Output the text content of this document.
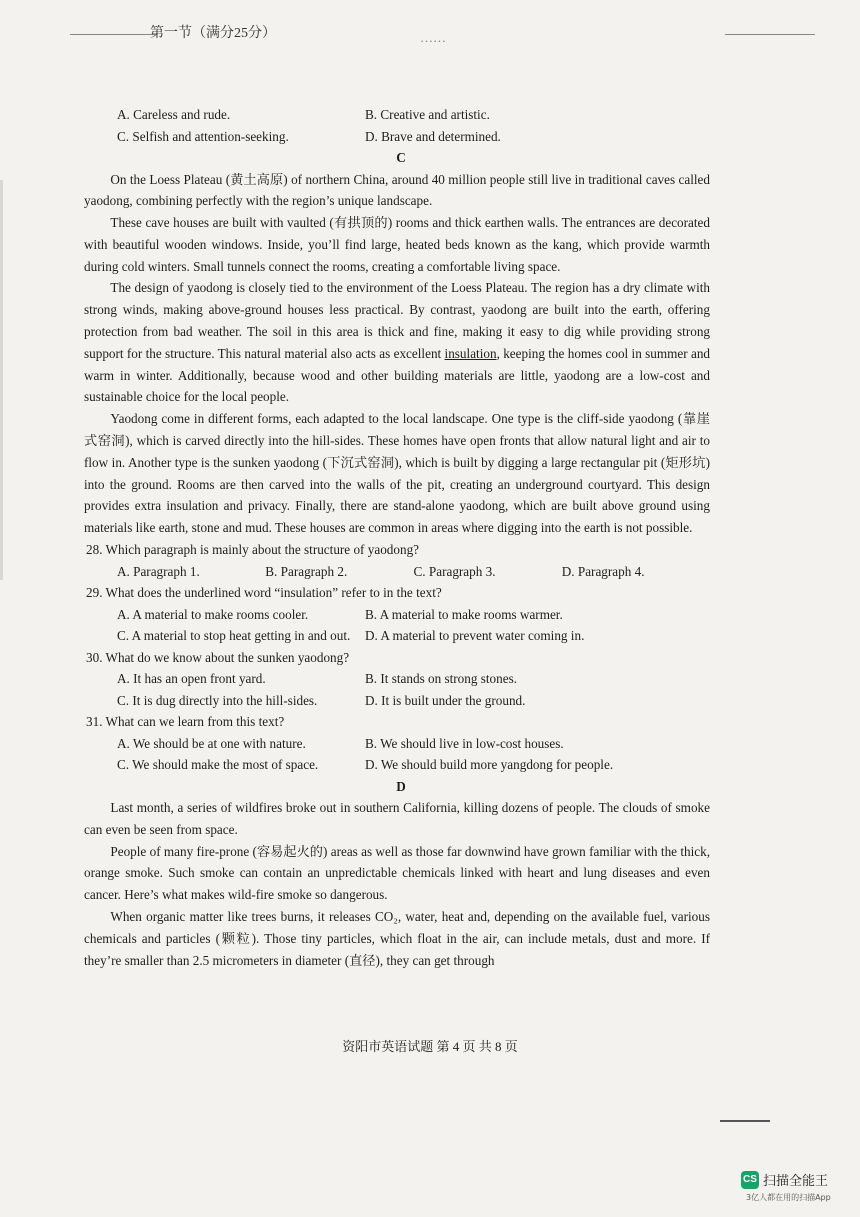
第一节（满分25分）	……
A. Careless and rude.	B. Creative and artistic.
C. Selfish and attention-seeking.	D. Brave and determined.
C

On the Loess Plateau (黄土高原) of northern China, around 40 million people still live in traditional caves called yaodong, combining perfectly with the region’s unique landscape.

These cave houses are built with vaulted (有拱顶的) rooms and thick earthen walls. The entrances are decorated with beautiful wooden windows. Inside, you’ll find large, heated beds known as the kang, which provide warmth during cold winters. Small tunnels connect the rooms, creating a comfortable living space.

The design of yaodong is closely tied to the environment of the Loess Plateau. The region has a dry climate with strong winds, making above-ground houses less practical. By contrast, yaodong are built into the earth, offering protection from bad weather. The soil in this area is thick and fine, making it easy to dig while providing strong support for the structure. This natural material also acts as excellent insulation, keeping the homes cool in summer and warm in winter. Additionally, because wood and other building materials are little, yaodong are a low-cost and sustainable choice for the local people.

Yaodong come in different forms, each adapted to the local landscape. One type is the cliff-side yaodong (靠崖式窑洞), which is carved directly into the hill-sides. These homes have open fronts that allow natural light and air to flow in. Another type is the sunken yaodong (下沉式窑洞), which is built by digging a large rectangular pit (矩形坑) into the ground. Rooms are then carved into the walls of the pit, creating an underground courtyard. This design provides extra insulation and privacy. Finally, there are stand-alone yaodong, which are built above ground using materials like earth, stone and mud. These houses are common in areas where digging into the earth is not possible.

28. Which paragraph is mainly about the structure of yaodong?
A. Paragraph 1.	B. Paragraph 2.	C. Paragraph 3.	D. Paragraph 4.
29. What does the underlined word “insulation” refer to in the text?
A. A material to make rooms cooler.	B. A material to make rooms warmer.
C. A material to stop heat getting in and out.	D. A material to prevent water coming in.
30. What do we know about the sunken yaodong?
A. It has an open front yard.	B. It stands on strong stones.
C. It is dug directly into the hill-sides.	D. It is built under the ground.
31. What can we learn from this text?
A. We should be at one with nature.	B. We should live in low-cost houses.
C. We should make the most of space.	D. We should build more yangdong for people.
D

Last month, a series of wildfires broke out in southern California, killing dozens of people. The clouds of smoke can even be seen from space.

People of many fire-prone (容易起火的) areas as well as those far downwind have grown familiar with the thick, orange smoke. Such smoke can contain an unpredictable chemicals linked with heart and lung diseases and even cancer. Here’s what makes wild-fire smoke so dangerous.

When organic matter like trees burns, it releases CO₂, water, heat and, depending on the available fuel, various chemicals and particles (颗粒). Those tiny particles, which float in the air, can include metals, dust and more. If they’re smaller than 2.5 micrometers in diameter (直径), they can get through

资阳市英语试题 第 4 页 共 8 页
CS 扫描全能王
3亿人都在用的扫描App
